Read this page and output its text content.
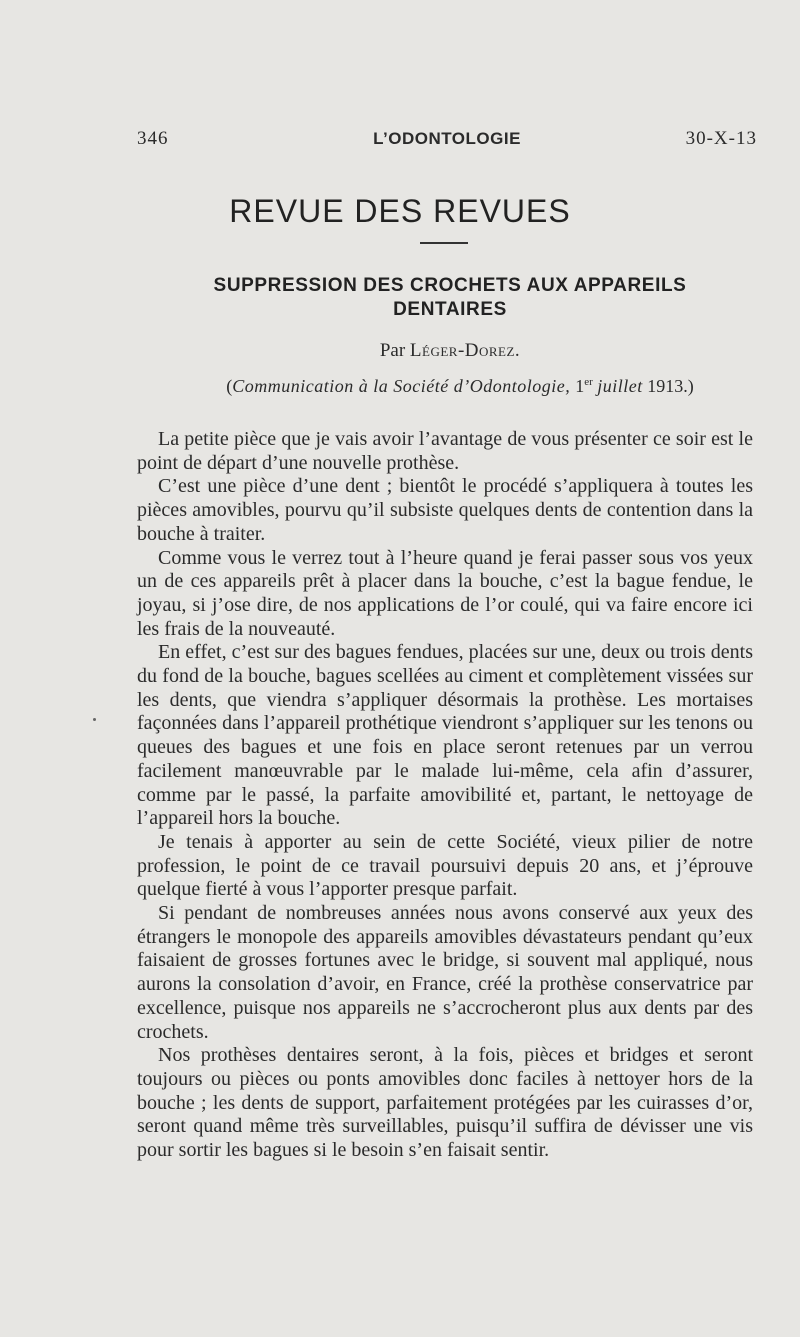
346	L’ODONTOLOGIE	30-X-13
REVUE DES REVUES
SUPPRESSION DES CROCHETS AUX APPAREILS
DENTAIRES
Par Léger-Dorez.
(Communication à la Société d’Odontologie, 1er juillet 1913.)

La petite pièce que je vais avoir l’avantage de vous présenter ce soir est le point de départ d’une nouvelle prothèse.

C’est une pièce d’une dent ; bientôt le procédé s’appliquera à toutes les pièces amovibles, pourvu qu’il subsiste quelques dents de contention dans la bouche à traiter.

Comme vous le verrez tout à l’heure quand je ferai passer sous vos yeux un de ces appareils prêt à placer dans la bouche, c’est la bague fendue, le joyau, si j’ose dire, de nos applications de l’or coulé, qui va faire encore ici les frais de la nouveauté.

En effet, c’est sur des bagues fendues, placées sur une, deux ou trois dents du fond de la bouche, bagues scellées au ciment et complètement vissées sur les dents, que viendra s’appliquer désormais la prothèse. Les mortaises façonnées dans l’appareil prothétique viendront s’appliquer sur les tenons ou queues des bagues et une fois en place seront retenues par un verrou facilement manœuvrable par le malade lui-même, cela afin d’assurer, comme par le passé, la parfaite amovibilité et, partant, le nettoyage de l’appareil hors la bouche.

Je tenais à apporter au sein de cette Société, vieux pilier de notre profession, le point de ce travail poursuivi depuis 20 ans, et j’éprouve quelque fierté à vous l’apporter presque parfait.

Si pendant de nombreuses années nous avons conservé aux yeux des étrangers le monopole des appareils amovibles dévastateurs pendant qu’eux faisaient de grosses fortunes avec le bridge, si souvent mal appliqué, nous aurons la consolation d’avoir, en France, créé la prothèse conservatrice par excellence, puisque nos appareils ne s’accrocheront plus aux dents par des crochets.

Nos prothèses dentaires seront, à la fois, pièces et bridges et seront toujours ou pièces ou ponts amovibles donc faciles à nettoyer hors de la bouche ; les dents de support, parfaitement protégées par les cuirasses d’or, seront quand même très surveillables, puisqu’il suffira de dévisser une vis pour sortir les bagues si le besoin s’en faisait sentir.
